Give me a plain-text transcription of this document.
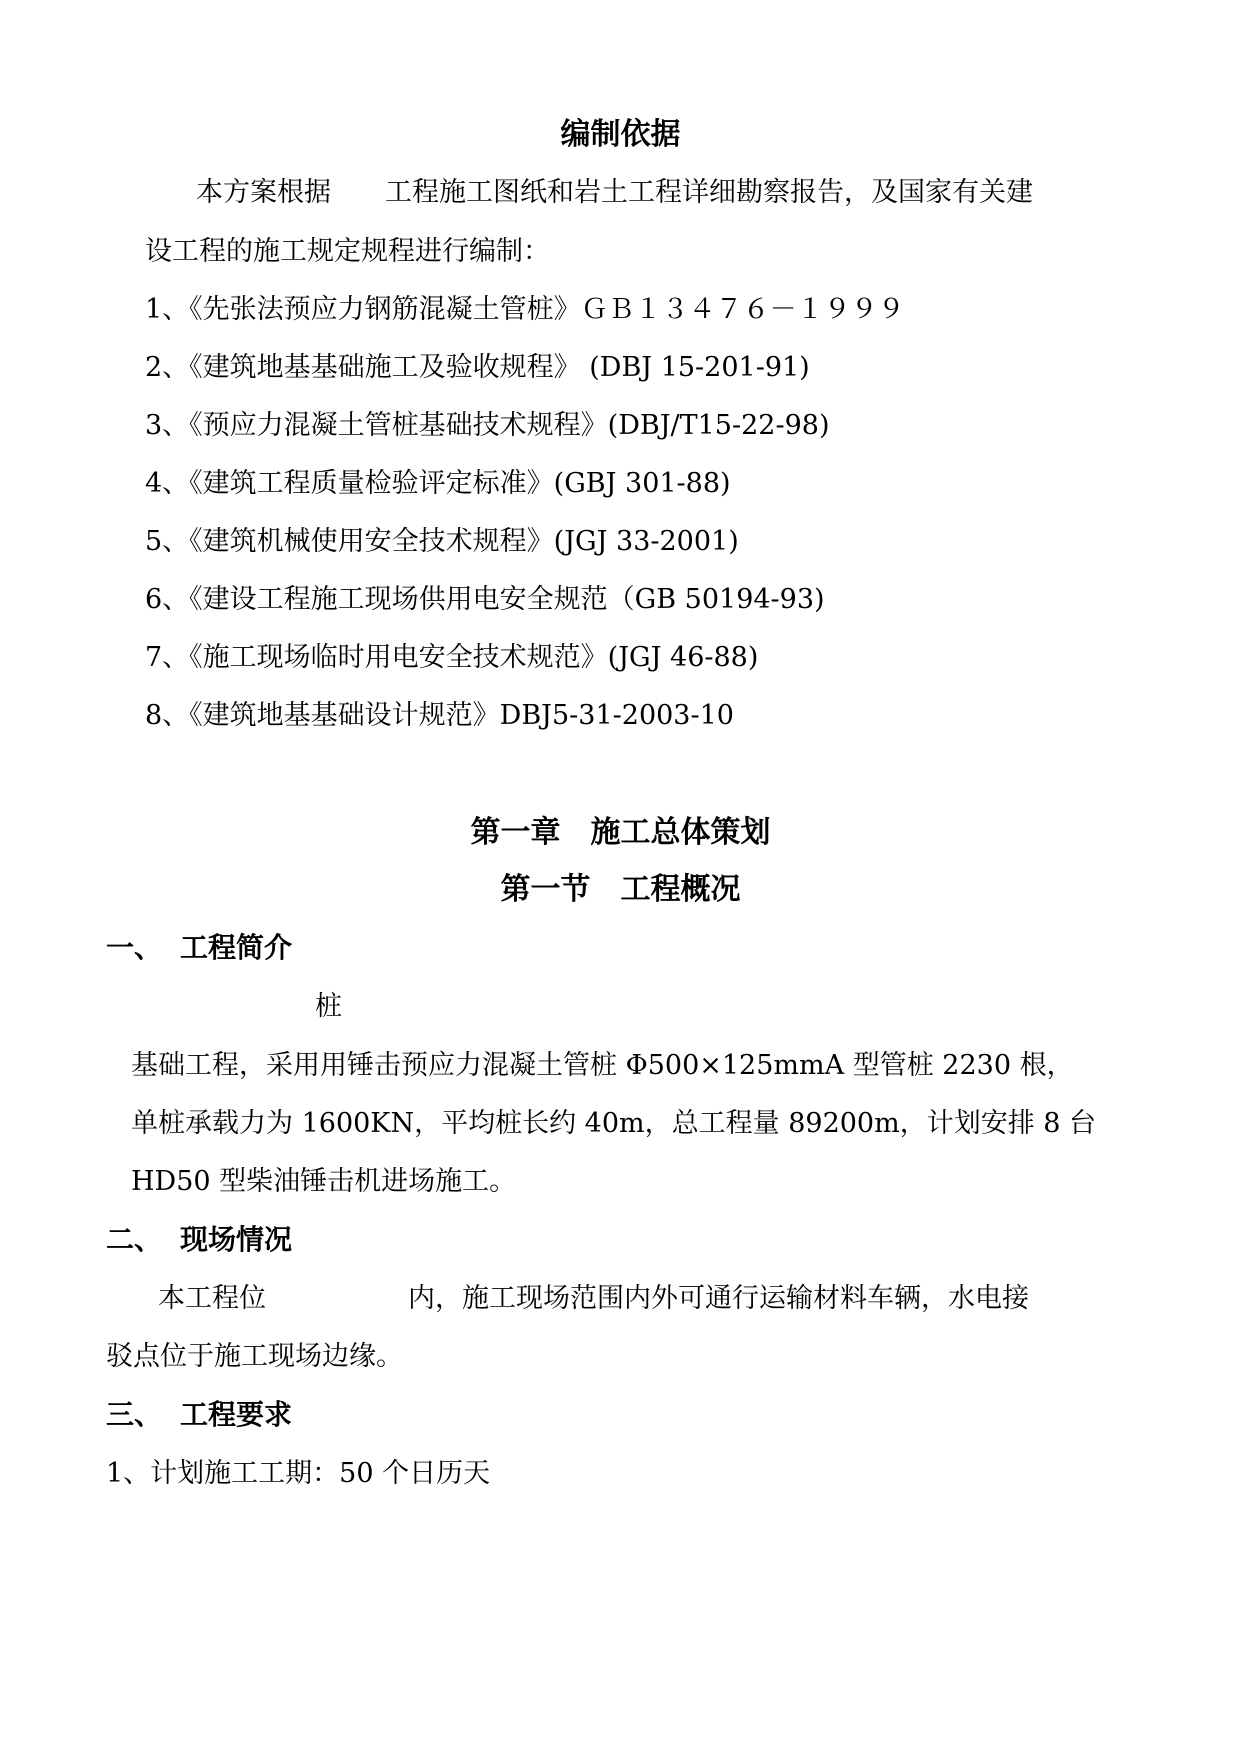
编制依据
本方案根据 工程施工图纸和岩土工程详细勘察报告，及国家有关建
设工程的施工规定规程进行编制：
1、《先张法预应力钢筋混凝土管桩》ＧＢ１３４７６－１９９９
2、《建筑地基基础施工及验收规程》 (DBJ 15-201-91)
3、《预应力混凝土管桩基础技术规程》(DBJ/T15-22-98)
4、《建筑工程质量检验评定标准》(GBJ 301-88)
5、《建筑机械使用安全技术规程》(JGJ 33-2001)
6、《建设工程施工现场供用电安全规范（GB 50194-93)
7、《施工现场临时用电安全技术规范》(JGJ 46-88)
8、《建筑地基基础设计规范》DBJ5-31-2003-10
第一章　施工总体策划
第一节　工程概况
一、 工程简介
桩
基础工程，采用用锤击预应力混凝土管桩 Φ500×125mmA 型管桩 2230 根，
单桩承载力为 1600KN，平均桩长约 40m，总工程量 89200m，计划安排 8 台
HD50 型柴油锤击机进场施工。
二、 现场情况
本工程位	内，施工现场范围内外可通行运输材料车辆，水电接
驳点位于施工现场边缘。
三、 工程要求
1、计划施工工期：50 个日历天
